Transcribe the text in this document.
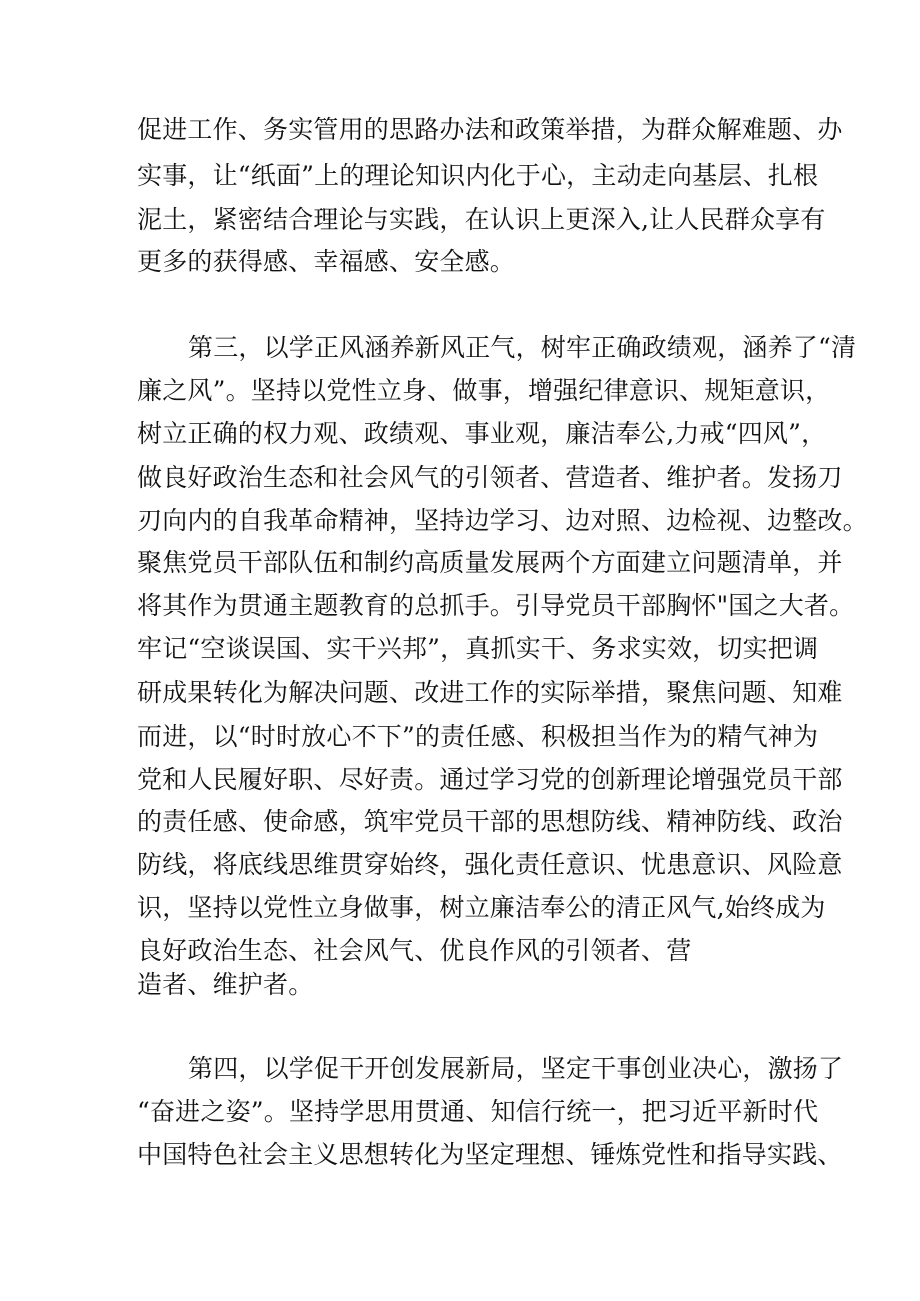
促进工作、务实管用的思路办法和政策举措，为群众解难题、办
实事，让“纸面”上的理论知识内化于心，主动走向基层、扎根
泥土，紧密结合理论与实践，在认识上更深入,让人民群众享有
更多的获得感、幸福感、安全感。
第三，以学正风涵养新风正气，树牢正确政绩观，涵养了“清
廉之风”。坚持以党性立身、做事，增强纪律意识、规矩意识，
树立正确的权力观、政绩观、事业观，廉洁奉公,力戒“四风”，
做良好政治生态和社会风气的引领者、营造者、维护者。发扬刀
刃向内的自我革命精神，坚持边学习、边对照、边检视、边整改。
聚焦党员干部队伍和制约高质量发展两个方面建立问题清单，并
将其作为贯通主题教育的总抓手。引导党员干部胸怀"国之大者。
牢记“空谈误国、实干兴邦”，真抓实干、务求实效，切实把调
研成果转化为解决问题、改进工作的实际举措，聚焦问题、知难
而进，以“时时放心不下”的责任感、积极担当作为的精气神为
党和人民履好职、尽好责。通过学习党的创新理论增强党员干部
的责任感、使命感，筑牢党员干部的思想防线、精神防线、政治
防线，将底线思维贯穿始终，强化责任意识、忧患意识、风险意
识，坚持以党性立身做事，树立廉洁奉公的清正风气,始终成为
良好政治生态、社会风气、优良作风的引领者、营
造者、维护者。
第四，以学促干开创发展新局，坚定干事创业决心，激扬了
“奋进之姿”。坚持学思用贯通、知信行统一，把习近平新时代
中国特色社会主义思想转化为坚定理想、锤炼党性和指导实践、
